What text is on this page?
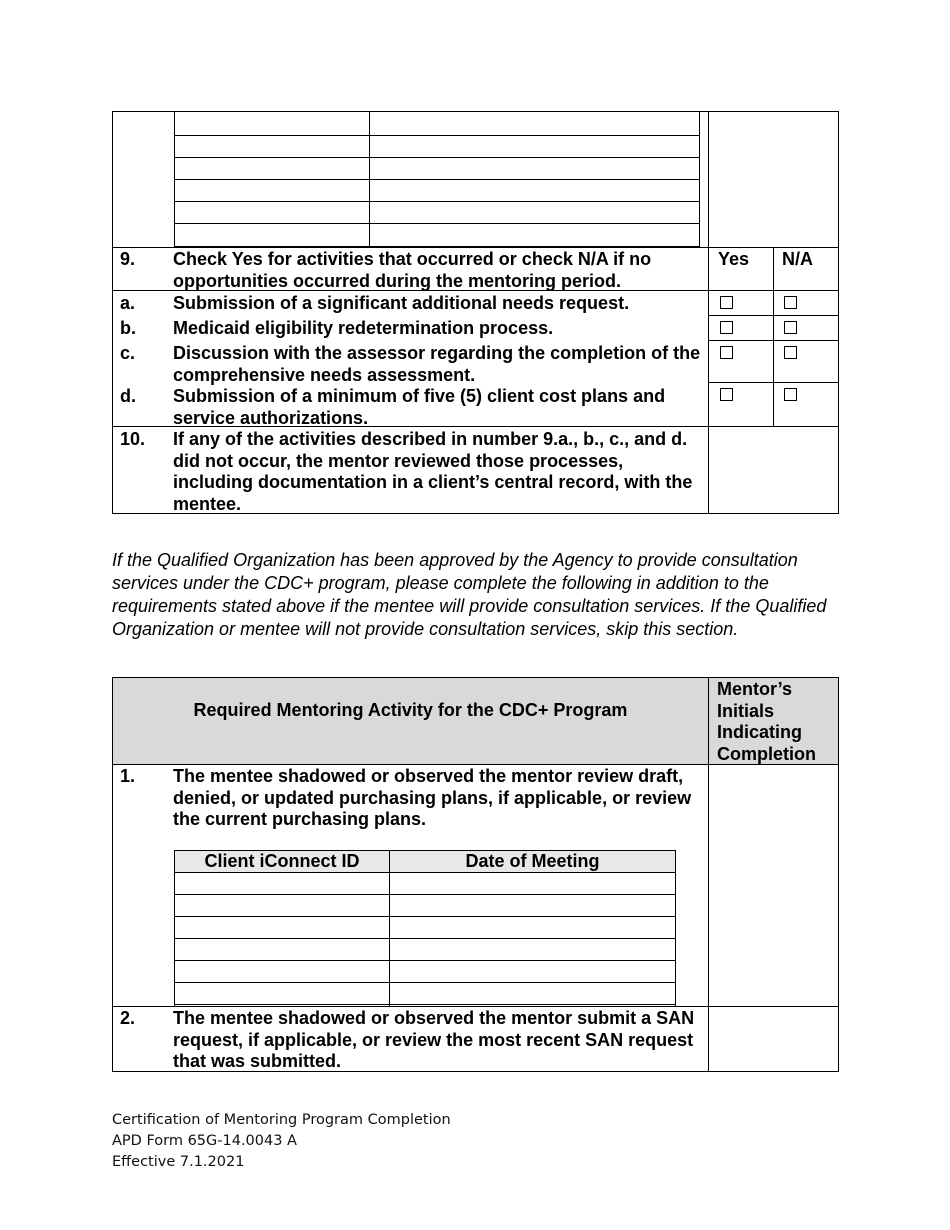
9.	Check Yes for activities that occurred or check N/A if no opportunities occurred during the mentoring period.
Yes	N/A
a. Submission of a significant additional needs request.
b. Medicaid eligibility redetermination process.
c. Discussion with the assessor regarding the completion of the comprehensive needs assessment.
d. Submission of a minimum of five (5) client cost plans and service authorizations.
10.	If any of the activities described in number 9.a., b., c., and d. did not occur, the mentor reviewed those processes, including documentation in a client’s central record, with the mentee.
If the Qualified Organization has been approved by the Agency to provide consultation services under the CDC+ program, please complete the following in addition to the requirements stated above if the mentee will provide consultation services. If the Qualified Organization or mentee will not provide consultation services, skip this section.
Required Mentoring Activity for the CDC+ Program
Mentor’s Initials Indicating Completion
1.	The mentee shadowed or observed the mentor review draft, denied, or updated purchasing plans, if applicable, or review the current purchasing plans.
Client iConnect ID	Date of Meeting
2.	The mentee shadowed or observed the mentor submit a SAN request, if applicable, or review the most recent SAN request that was submitted.
Certification of Mentoring Program Completion
APD Form 65G-14.0043 A
Effective 7.1.2021
